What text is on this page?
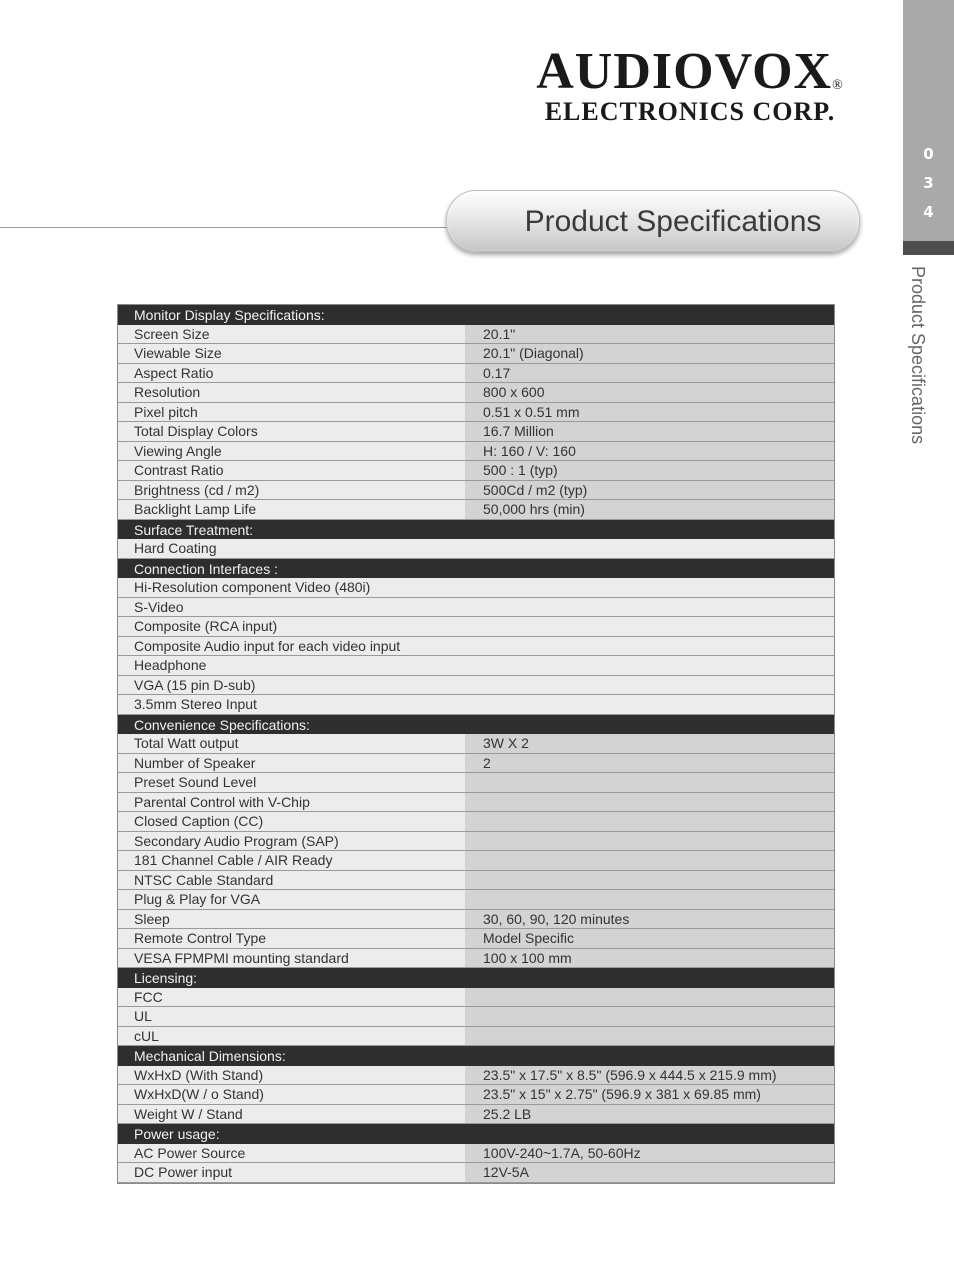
0
3
4
Product Specifications
AUDIOVOX®
ELECTRONICS CORP.
Product Specifications
Monitor Display Specifications:
Screen Size	20.1"
Viewable Size	20.1" (Diagonal)
Aspect Ratio	0.17
Resolution	800 x 600
Pixel pitch	0.51 x 0.51 mm
Total Display Colors	16.7 Million
Viewing Angle	H: 160 / V: 160
Contrast Ratio	500 : 1 (typ)
Brightness (cd / m2)	500Cd / m2 (typ)
Backlight Lamp Life	50,000 hrs (min)
Surface Treatment:
Hard Coating
Connection Interfaces :
Hi-Resolution component Video (480i)
S-Video
Composite (RCA input)
Composite Audio input for each video input
Headphone
VGA (15 pin D-sub)
3.5mm Stereo Input
Convenience Specifications:
Total Watt output	3W X 2
Number of Speaker	2
Preset Sound Level
Parental Control with V-Chip
Closed Caption (CC)
Secondary Audio Program (SAP)
181 Channel Cable / AIR Ready
NTSC Cable Standard
Plug & Play for VGA
Sleep	30, 60, 90, 120 minutes
Remote Control Type	Model Specific
VESA FPMPMI mounting standard	100 x 100 mm
Licensing:
FCC
UL
cUL
Mechanical Dimensions:
WxHxD (With Stand)	23.5" x 17.5" x 8.5" (596.9 x 444.5 x 215.9 mm)
WxHxD(W / o Stand)	23.5" x 15" x 2.75" (596.9 x 381 x 69.85 mm)
Weight W / Stand	25.2 LB
Power usage:
AC Power Source	100V-240~1.7A, 50-60Hz
DC Power input	12V-5A
